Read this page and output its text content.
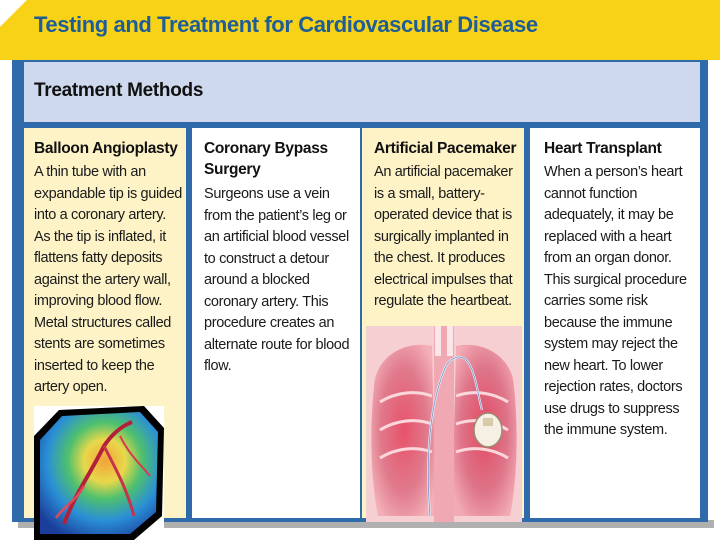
Testing and Treatment for Cardiovascular Disease
Treatment Methods
Balloon Angioplasty
A thin tube with an expandable tip is guided into a coronary artery. As the tip is inflated, it flattens fatty deposits against the artery wall, improving blood flow. Metal structures called stents are sometimes inserted to keep the artery open.
Coronary Bypass Surgery
Surgeons use a vein from the patient’s leg or an artificial blood vessel to construct a detour around a blocked coronary artery. This procedure creates an alternate route for blood flow.
Artificial Pacemaker
An artificial pacemaker is a small, battery-operated device that is surgically implanted in the chest. It produces electrical impulses that regulate the heartbeat.
Heart Transplant
When a person’s heart cannot function adequately, it may be replaced with a heart from an organ donor. This surgical procedure carries some risk because the immune system may reject the new heart. To lower rejection rates, doctors use drugs to suppress the immune system.
